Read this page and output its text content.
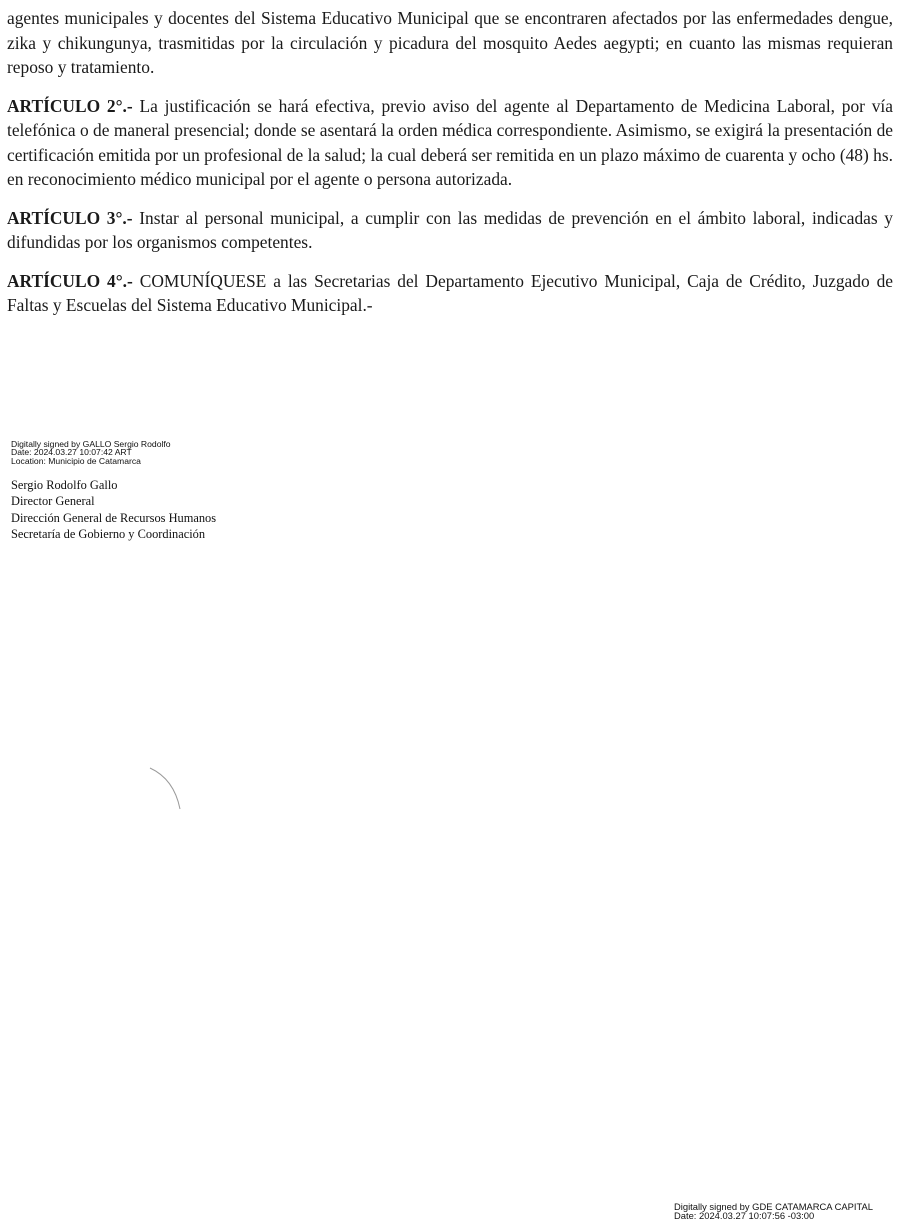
agentes municipales y docentes del Sistema Educativo Municipal que se encontraren afectados por las enfermedades dengue, zika y chikungunya, trasmitidas por la circulación y picadura del mosquito Aedes aegypti; en cuanto las mismas requieran reposo y tratamiento.

ARTÍCULO 2°.- La justificación se hará efectiva, previo aviso del agente al Departamento de Medicina Laboral, por vía telefónica o de maneral presencial; donde se asentará la orden médica correspondiente. Asimismo, se exigirá la presentación de certificación emitida por un profesional de la salud; la cual deberá ser remitida en un plazo máximo de cuarenta y ocho (48) hs. en reconocimiento médico municipal por el agente o persona autorizada.

ARTÍCULO 3°.- Instar al personal municipal, a cumplir con las medidas de prevención en el ámbito laboral, indicadas y difundidas por los organismos competentes.

ARTÍCULO 4°.- COMUNÍQUESE a las Secretarias del Departamento Ejecutivo Municipal, Caja de Crédito, Juzgado de Faltas y Escuelas del Sistema Educativo Municipal.-

Digitally signed by GALLO Sergio Rodolfo
Date: 2024.03.27 10:07:42 ART
Location: Municipio de Catamarca
Sergio Rodolfo Gallo
Director General
Dirección General de Recursos Humanos
Secretaría de Gobierno y Coordinación
Digitally signed by GDE CATAMARCA CAPITAL
Date: 2024.03.27 10:07:56 -03:00
